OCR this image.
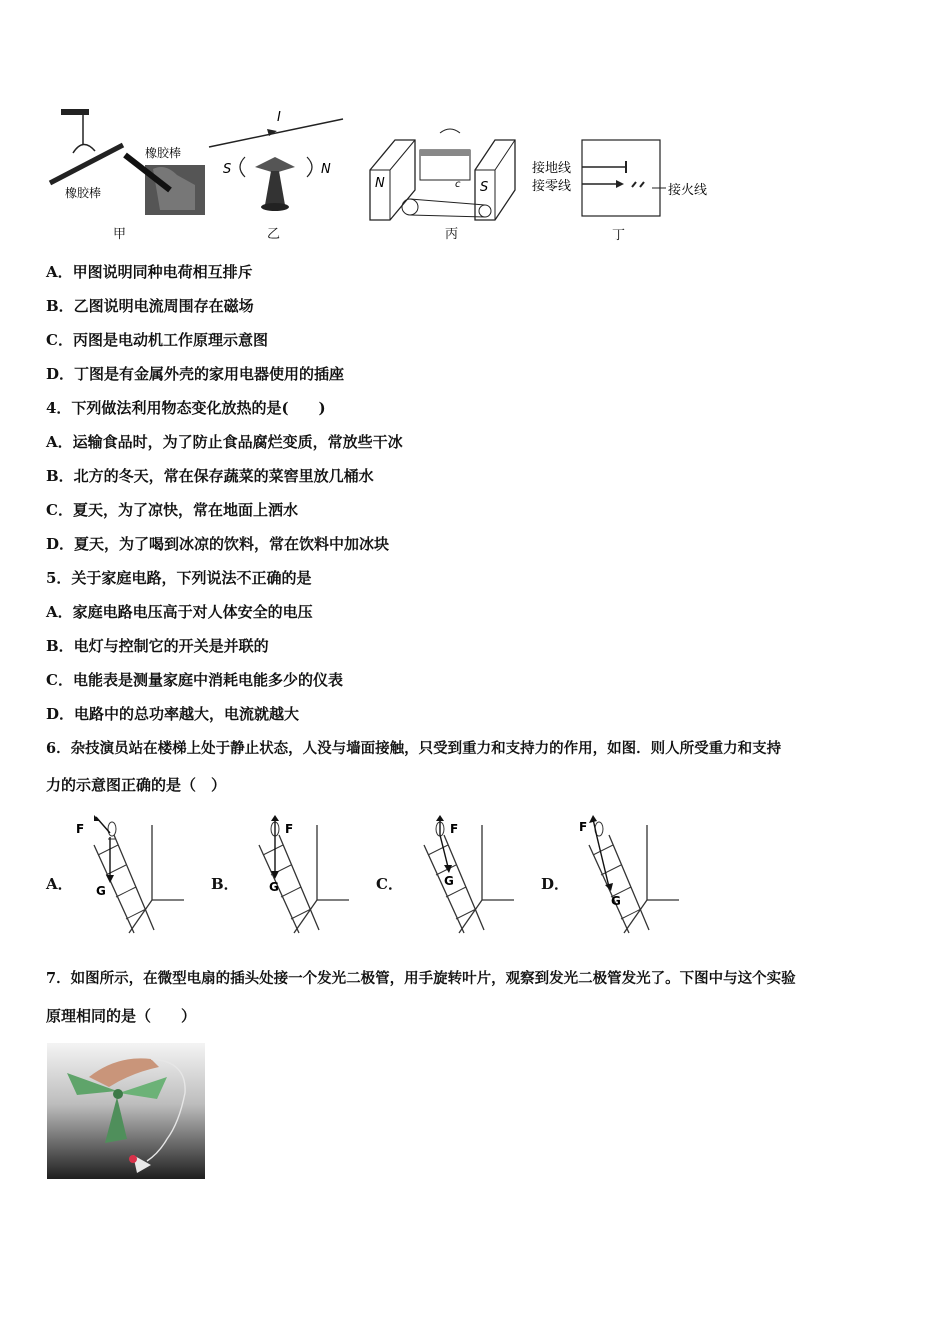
橡胶棒
橡胶棒
甲
I
S	N
乙
N	S
c
丙
接地线
接零线	接火线
丁
A．甲图说明同种电荷相互排斥
B．乙图说明电流周围存在磁场
C．丙图是电动机工作原理示意图
D．丁图是有金属外壳的家用电器使用的插座
4．下列做法利用物态变化放热的是(　　)
A．运输食品时，为了防止食品腐烂变质，常放些干冰
B．北方的冬天，常在保存蔬菜的菜窖里放几桶水
C．夏天，为了凉快，常在地面上洒水
D．夏天，为了喝到冰凉的饮料，常在饮料中加冰块
5．关于家庭电路，下列说法不正确的是
A．家庭电路电压高于对人体安全的电压
B．电灯与控制它的开关是并联的
C．电能表是测量家庭中消耗电能多少的仪表
D．电路中的总功率越大，电流就越大
6．杂技演员站在楼梯上处于静止状态，人没与墙面接触，只受到重力和支持力的作用，如图．则人所受重力和支持
力的示意图正确的是（　）
A．
F
G	B．
F
G	C．
F
G	D．
F
G
7．如图所示，在微型电扇的插头处接一个发光二极管，用手旋转叶片，观察到发光二极管发光了。下图中与这个实验
原理相同的是（　　）
